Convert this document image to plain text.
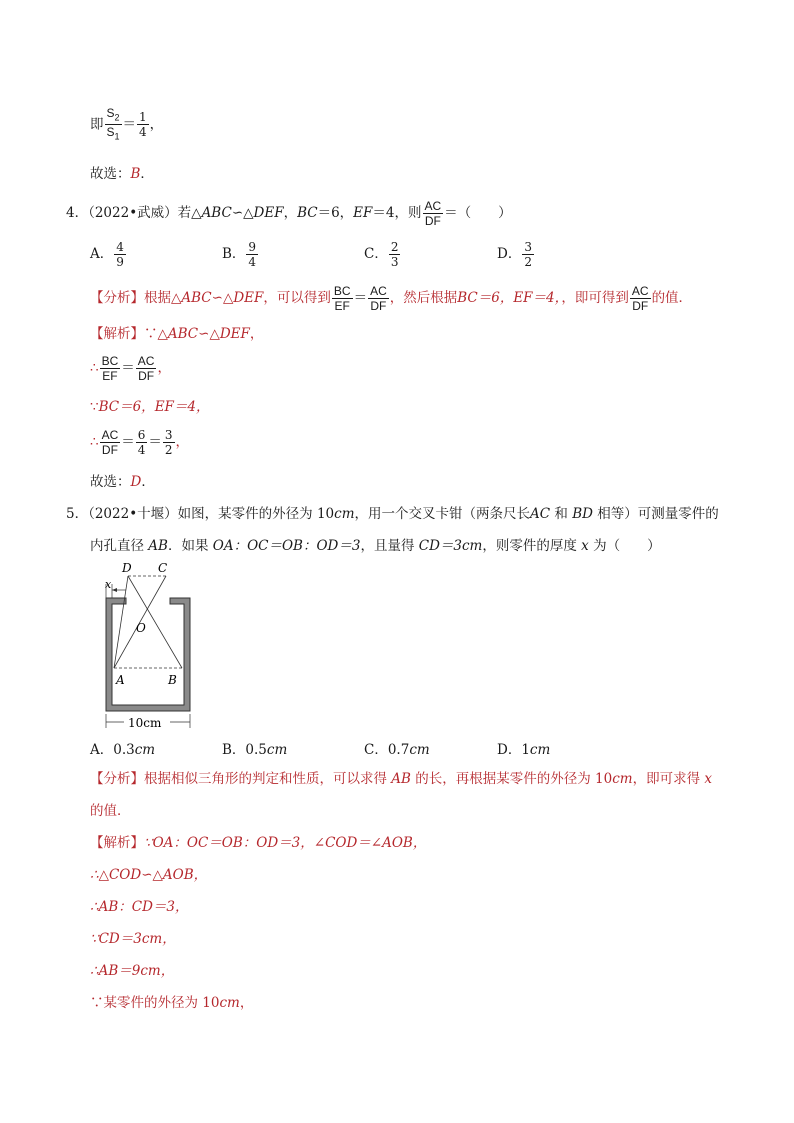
即 $\frac{S_2}{S_1} = \frac{1}{4}$ ，
故选：B．
4．（2022•武威）若△ABC∽△DEF，BC＝6，EF＝4，则 $\frac{AC}{DF}$ ＝（　　）
A． $\frac{4}{9}$	B． $\frac{9}{4}$	C． $\frac{2}{3}$	D． $\frac{3}{2}$
【分析】根据△ABC∽△DEF，可以得到 $\frac{BC}{EF} = \frac{AC}{DF}$ ，然后根据BC＝6，EF＝4，，即可得到 $\frac{AC}{DF}$ 的值．
【解析】∵△ABC∽△DEF，
∴ $\frac{BC}{EF} = \frac{AC}{DF}$ ，
∵BC＝6，EF＝4，
∴ $\frac{AC}{DF} = \frac{6}{4} = \frac{3}{2}$ ，
故选：D．
5．（2022•十堰）如图，某零件的外径为 10cm，用一个交叉卡钳（两条尺长AC 和 BD 相等）可测量零件的
内孔直径 AB．如果 OA：OC＝OB：OD＝3，且量得 CD＝3cm，则零件的厚度 x 为（　　）
D C
x
O
A	B
10cm
A．0.3cm	B．0.5cm	C．0.7cm	D．1cm
【分析】根据相似三角形的判定和性质，可以求得 AB 的长，再根据某零件的外径为 10cm，即可求得 x
的值．
【解析】∵OA：OC＝OB：OD＝3，∠COD＝∠AOB，
∴△COD∽△AOB，
∴AB：CD＝3，
∵CD＝3cm，
∴AB＝9cm，
∵某零件的外径为 10cm，
